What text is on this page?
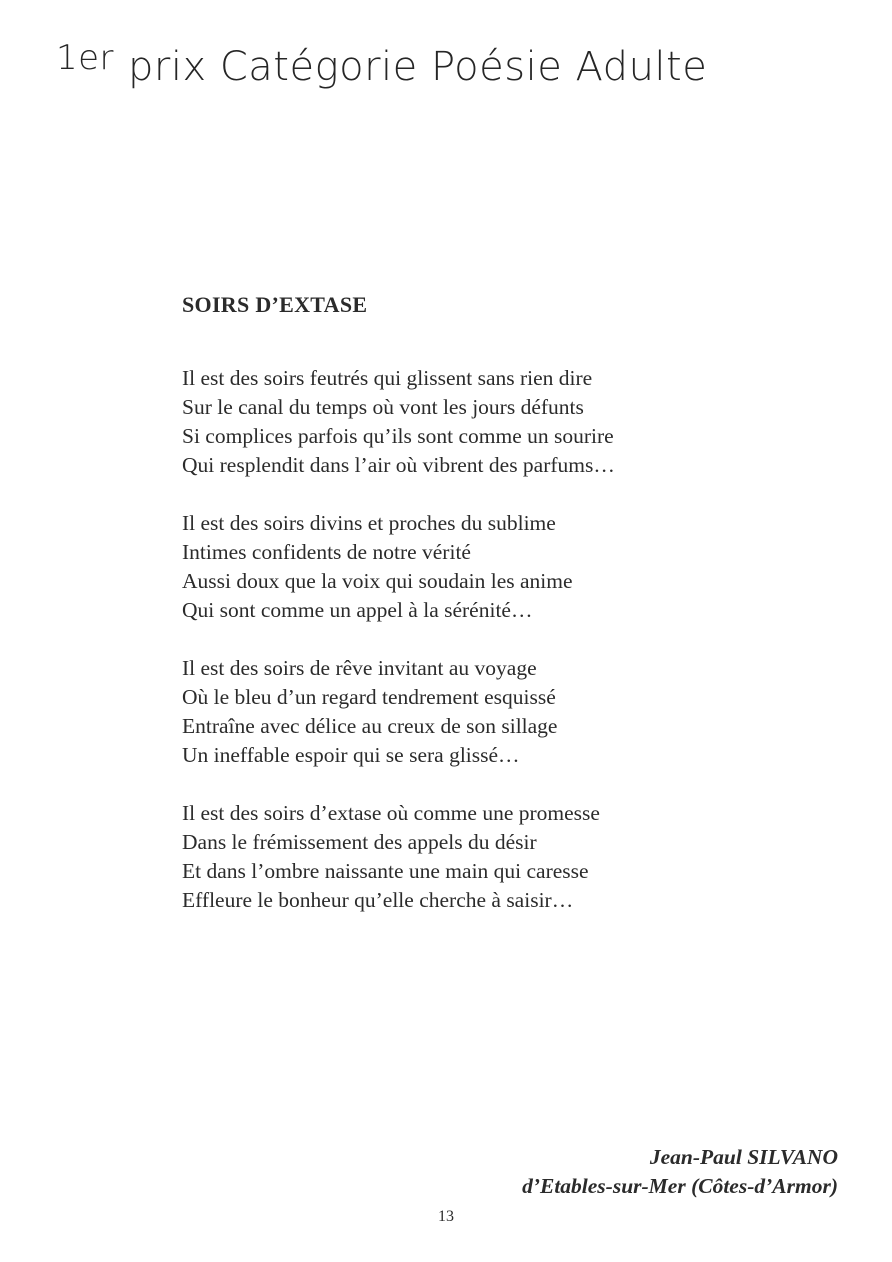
1er prix Catégorie Poésie Adulte
SOIRS D’EXTASE
Il est des soirs feutrés qui glissent sans rien dire
Sur le canal du temps où vont les jours défunts
Si complices parfois qu’ils sont comme un sourire
Qui resplendit dans l’air où vibrent des parfums…
Il est des soirs divins et proches du sublime
Intimes confidents de notre vérité
Aussi doux que la voix qui soudain les anime
Qui sont comme un appel à la sérénité…
Il est des soirs de rêve invitant au voyage
Où le bleu d’un regard tendrement esquissé
Entraîne avec délice au creux de son sillage
Un ineffable espoir qui se sera glissé…
Il est des soirs d’extase où comme une promesse
Dans le frémissement des appels du désir
Et dans l’ombre naissante une main qui caresse
Effleure le bonheur qu’elle cherche à saisir…
Jean-Paul SILVANO
d’Etables-sur-Mer (Côtes-d’Armor)
13
